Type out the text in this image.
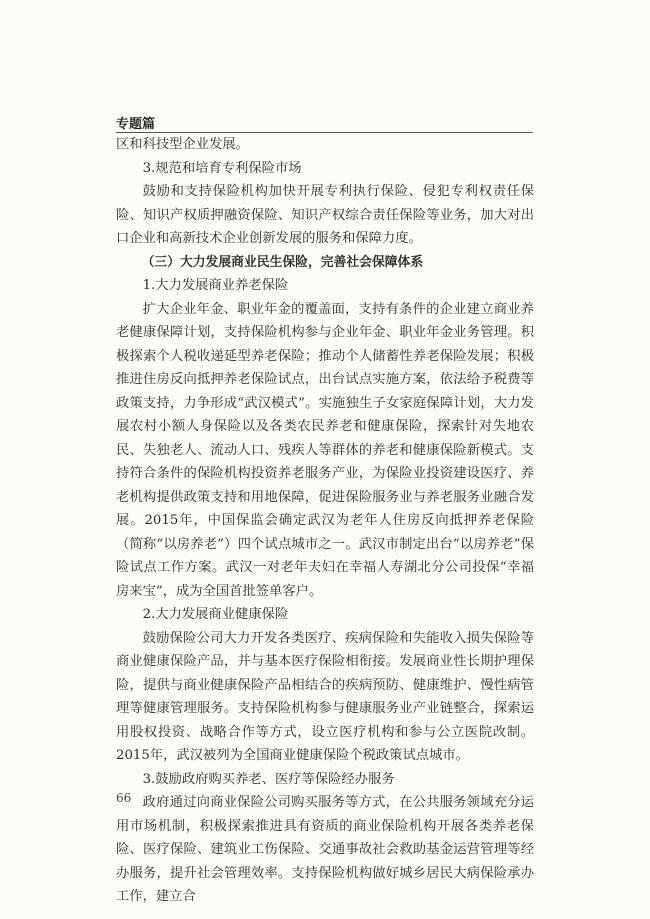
专题篇

区和科技型企业发展。

3.规范和培育专利保险市场

鼓励和支持保险机构加快开展专利执行保险、侵犯专利权责任保险、知识产权质押融资保险、知识产权综合责任保险等业务，加大对出口企业和高新技术企业创新发展的服务和保障力度。

（三）大力发展商业民生保险，完善社会保障体系

1.大力发展商业养老保险

扩大企业年金、职业年金的覆盖面，支持有条件的企业建立商业养老健康保障计划，支持保险机构参与企业年金、职业年金业务管理。积极探索个人税收递延型养老保险；推动个人储蓄性养老保险发展；积极推进住房反向抵押养老保险试点，出台试点实施方案，依法给予税费等政策支持，力争形成“武汉模式”。实施独生子女家庭保障计划，大力发展农村小额人身保险以及各类农民养老和健康保险，探索针对失地农民、失独老人、流动人口、残疾人等群体的养老和健康保险新模式。支持符合条件的保险机构投资养老服务产业，为保险业投资建设医疗、养老机构提供政策支持和用地保障，促进保险服务业与养老服务业融合发展。2015年，中国保监会确定武汉为老年人住房反向抵押养老保险（简称“以房养老”）四个试点城市之一。武汉市制定出台“以房养老”保险试点工作方案。武汉一对老年夫妇在幸福人寿湖北分公司投保“幸福房来宝”，成为全国首批签单客户。

2.大力发展商业健康保险

鼓励保险公司大力开发各类医疗、疾病保险和失能收入损失保险等商业健康保险产品，并与基本医疗保险相衔接。发展商业性长期护理保险，提供与商业健康保险产品相结合的疾病预防、健康维护、慢性病管理等健康管理服务。支持保险机构参与健康服务业产业链整合，探索运用股权投资、战略合作等方式，设立医疗机构和参与公立医院改制。2015年，武汉被列为全国商业健康保险个税政策试点城市。

3.鼓励政府购买养老、医疗等保险经办服务

政府通过向商业保险公司购买服务等方式，在公共服务领域充分运用市场机制，积极探索推进具有资质的商业保险机构开展各类养老保险、医疗保险、建筑业工伤保险、交通事故社会救助基金运营管理等经办服务，提升社会管理效率。支持保险机构做好城乡居民大病保险承办工作，建立合

66
